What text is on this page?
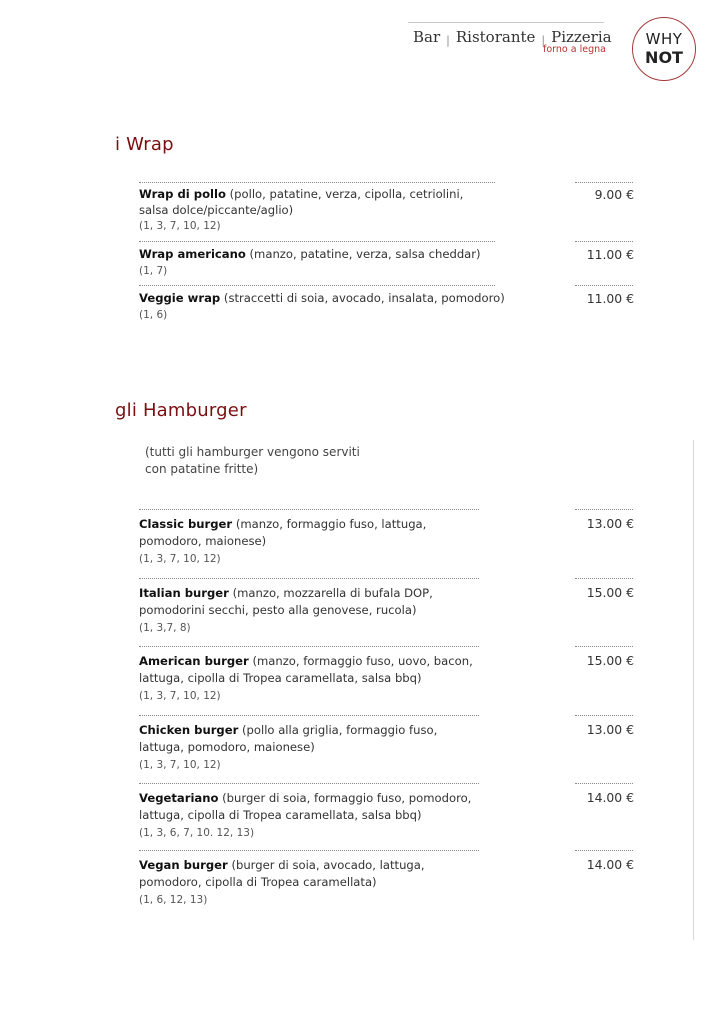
Bar | Ristorante | Pizzeria
forno a legna
WHY
NOT
i Wrap
Wrap di pollo (pollo, patatine, verza, cipolla, cetriolini, salsa dolce/piccante/aglio)
(1, 3, 7, 10, 12)
9.00 €
Wrap americano (manzo, patatine, verza, salsa cheddar)
(1, 7)
11.00 €
Veggie wrap (straccetti di soia, avocado, insalata, pomodoro)
(1, 6)
11.00 €
gli Hamburger
(tutti gli hamburger vengono serviti con patatine fritte)
Classic burger (manzo, formaggio fuso, lattuga, pomodoro, maionese)
(1, 3, 7, 10, 12)
13.00 €
Italian burger (manzo, mozzarella di bufala DOP, pomodorini secchi, pesto alla genovese, rucola)
(1, 3,7, 8)
15.00 €
American burger (manzo, formaggio fuso, uovo, bacon, lattuga, cipolla di Tropea caramellata, salsa bbq)
(1, 3, 7, 10, 12)
15.00 €
Chicken burger (pollo alla griglia, formaggio fuso, lattuga, pomodoro, maionese)
(1, 3, 7, 10, 12)
13.00 €
Vegetariano (burger di soia, formaggio fuso, pomodoro, lattuga, cipolla di Tropea caramellata, salsa bbq)
(1, 3, 6, 7, 10. 12, 13)
14.00 €
Vegan burger (burger di soia, avocado, lattuga, pomodoro, cipolla di Tropea caramellata)
(1, 6, 12, 13)
14.00 €
